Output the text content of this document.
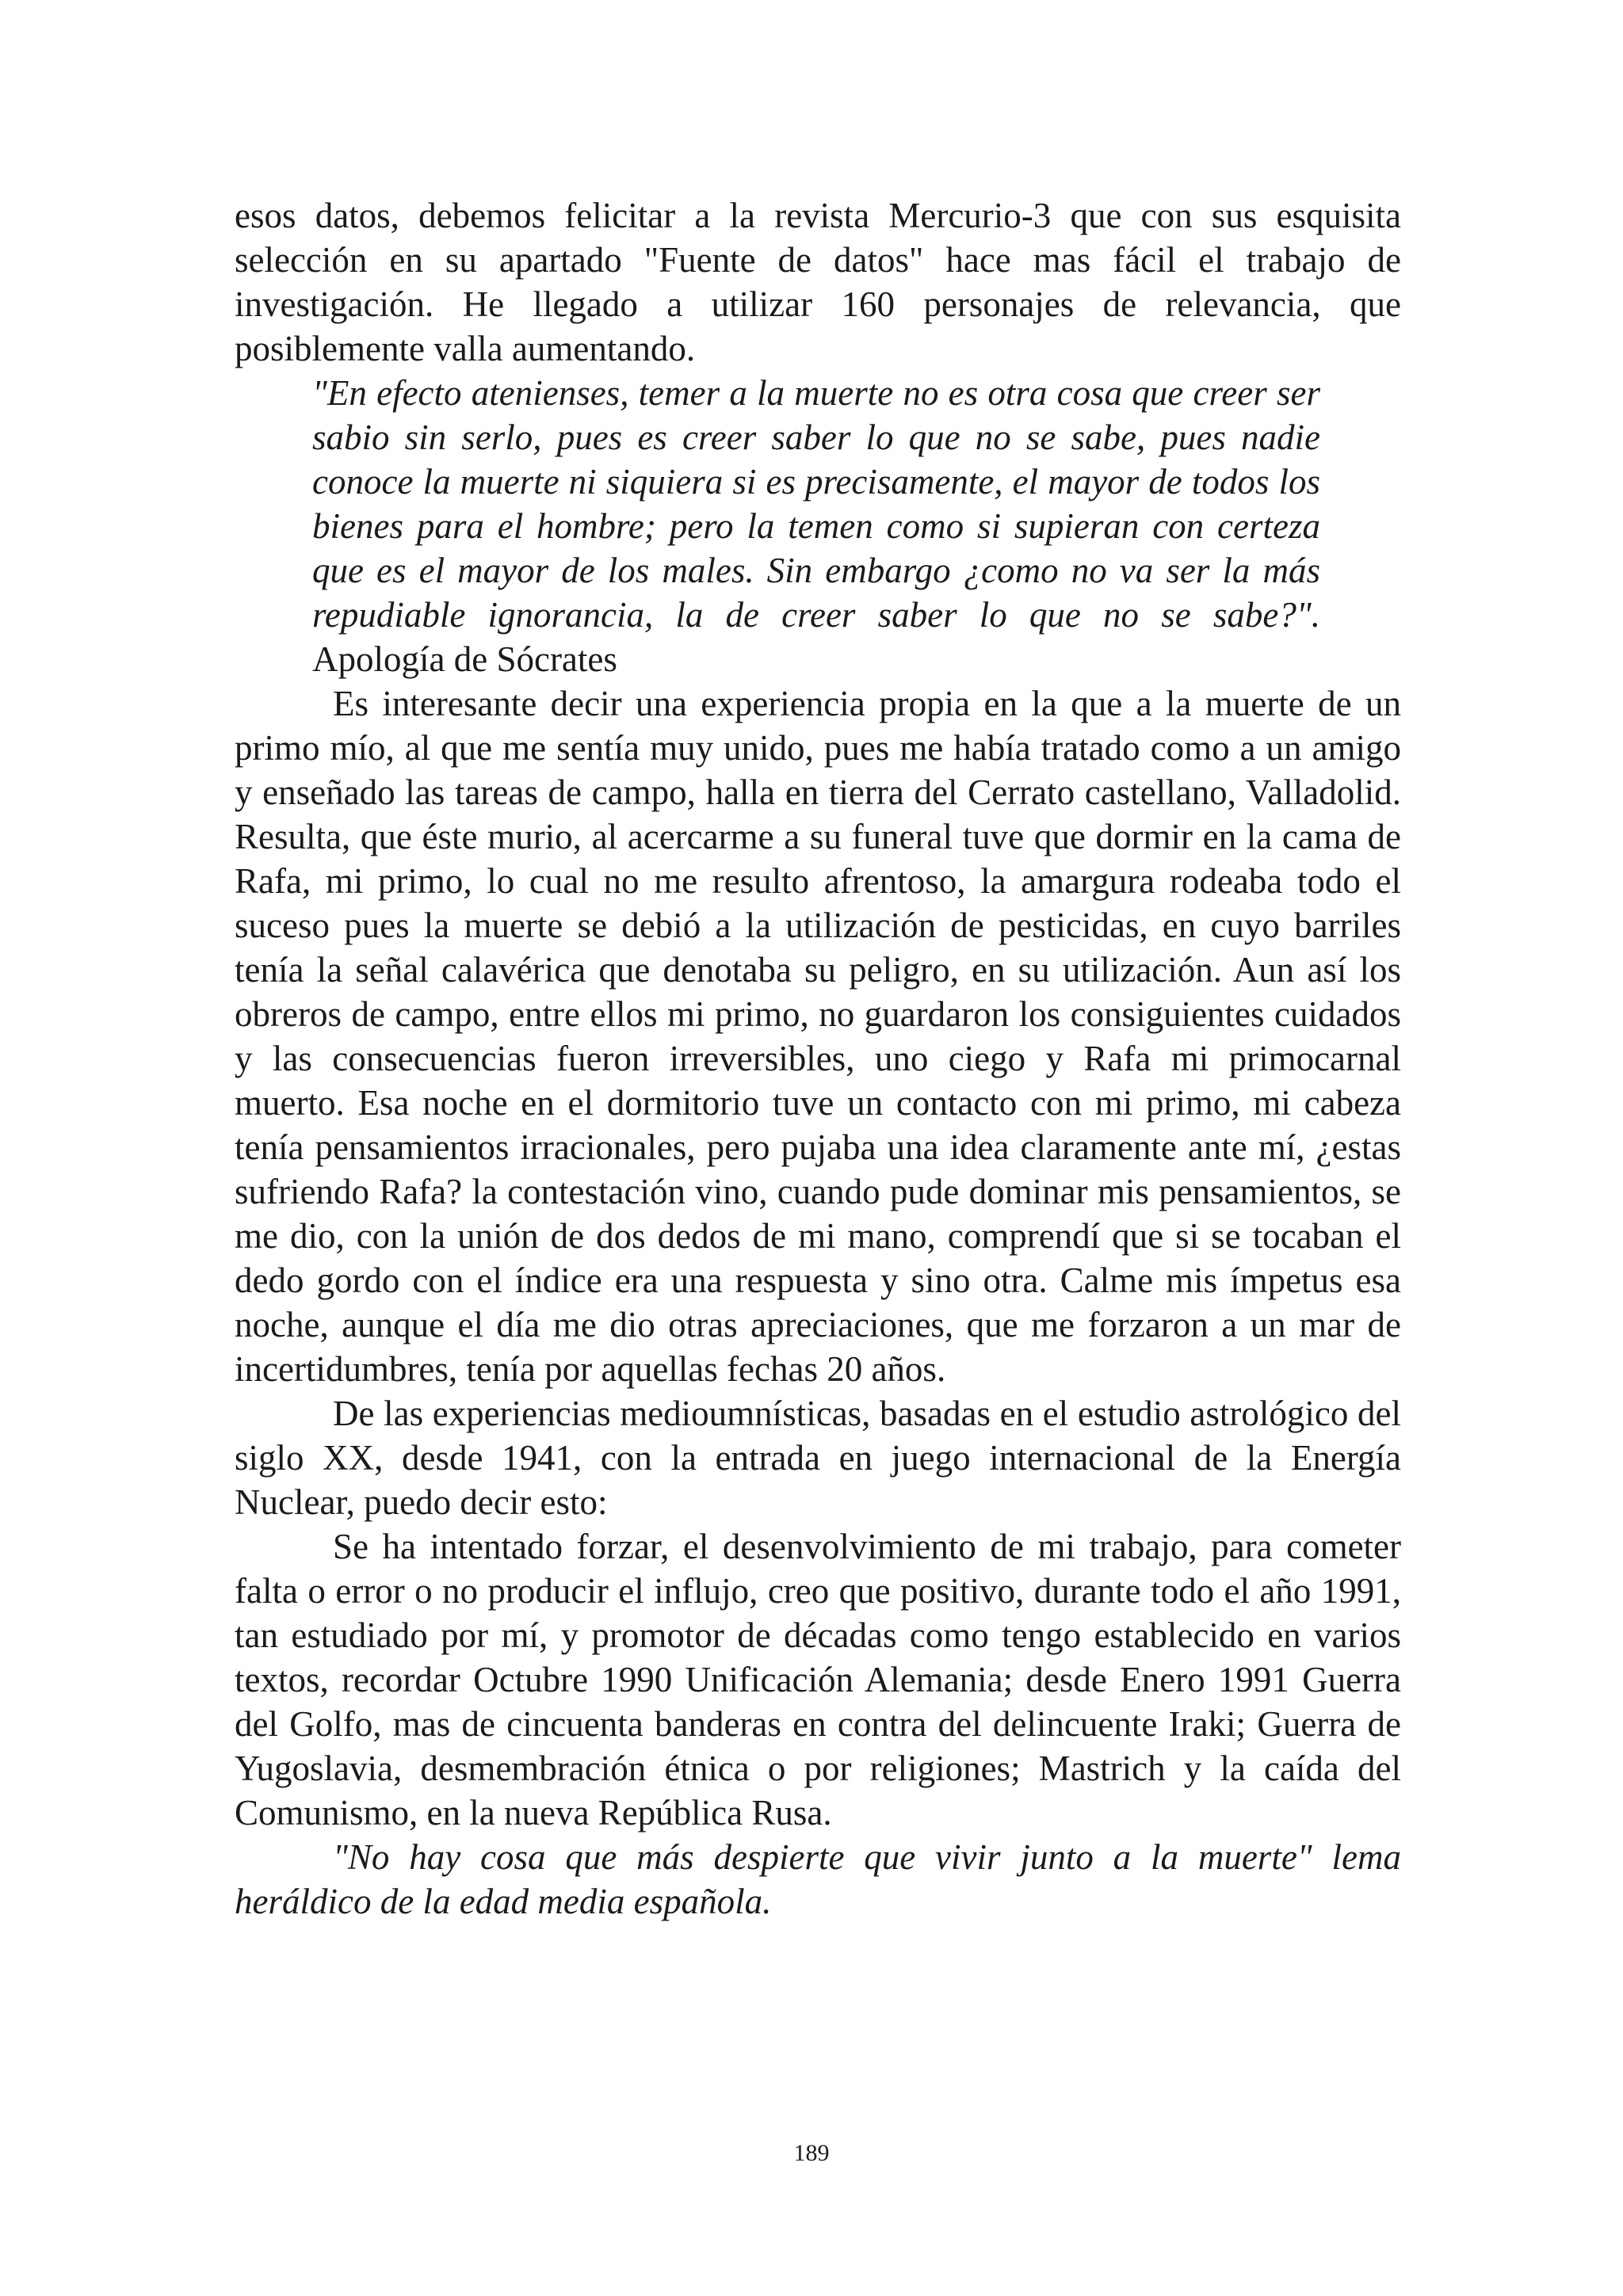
esos datos, debemos felicitar a la revista Mercurio-3 que con sus esquisita selección en su apartado "Fuente de datos" hace mas fácil el trabajo de investigación. He llegado a utilizar 160 personajes de relevancia, que posiblemente valla aumentando.

"En efecto atenienses, temer a la muerte no es otra cosa que creer ser sabio sin serlo, pues es creer saber lo que no se sabe, pues nadie conoce la muerte ni siquiera si es precisamente, el mayor de todos los bienes para el hombre; pero la temen como si supieran con certeza que es el mayor de los males. Sin embargo ¿como no va ser la más repudiable ignorancia, la de creer saber lo que no se sabe?". Apología de Sócrates

Es interesante decir una experiencia propia en la que a la muerte de un primo mío, al que me sentía muy unido, pues me había tratado como a un amigo y enseñado las tareas de campo, halla en tierra del Cerrato castellano, Valladolid. Resulta, que éste murio, al acercarme a su funeral tuve que dormir en la cama de Rafa, mi primo, lo cual no me resulto afrentoso, la amargura rodeaba todo el suceso pues la muerte se debió a la utilización de pesticidas, en cuyo barriles tenía la señal calavérica que denotaba su peligro, en su utilización. Aun así los obreros de campo, entre ellos mi primo, no guardaron los consiguientes cuidados y las consecuencias fueron irreversibles, uno ciego y Rafa mi primocarnal muerto. Esa noche en el dormitorio tuve un contacto con mi primo, mi cabeza tenía pensamientos irracionales, pero pujaba una idea claramente ante mí, ¿estas sufriendo Rafa? la contestación vino, cuando pude dominar mis pensamientos, se me dio, con la unión de dos dedos de mi mano, comprendí que si se tocaban el dedo gordo con el índice era una respuesta y sino otra. Calme mis ímpetus esa noche, aunque el día me dio otras apreciaciones, que me forzaron a un mar de incertidumbres, tenía por aquellas fechas 20 años.

De las experiencias medioumnísticas, basadas en el estudio astrológico del siglo XX, desde 1941, con la entrada en juego internacional de la Energía Nuclear, puedo decir esto:

Se ha intentado forzar, el desenvolvimiento de mi trabajo, para cometer falta o error o no producir el influjo, creo que positivo, durante todo el año 1991, tan estudiado por mí, y promotor de décadas como tengo establecido en varios textos, recordar Octubre 1990 Unificación Alemania; desde Enero 1991 Guerra del Golfo, mas de cincuenta banderas en contra del delincuente Iraki; Guerra de Yugoslavia, desmembración étnica o por religiones; Mastrich y la caída del Comunismo, en la nueva República Rusa.

"No hay cosa que más despierte que vivir junto a la muerte" lema heráldico de la edad media española.

189
